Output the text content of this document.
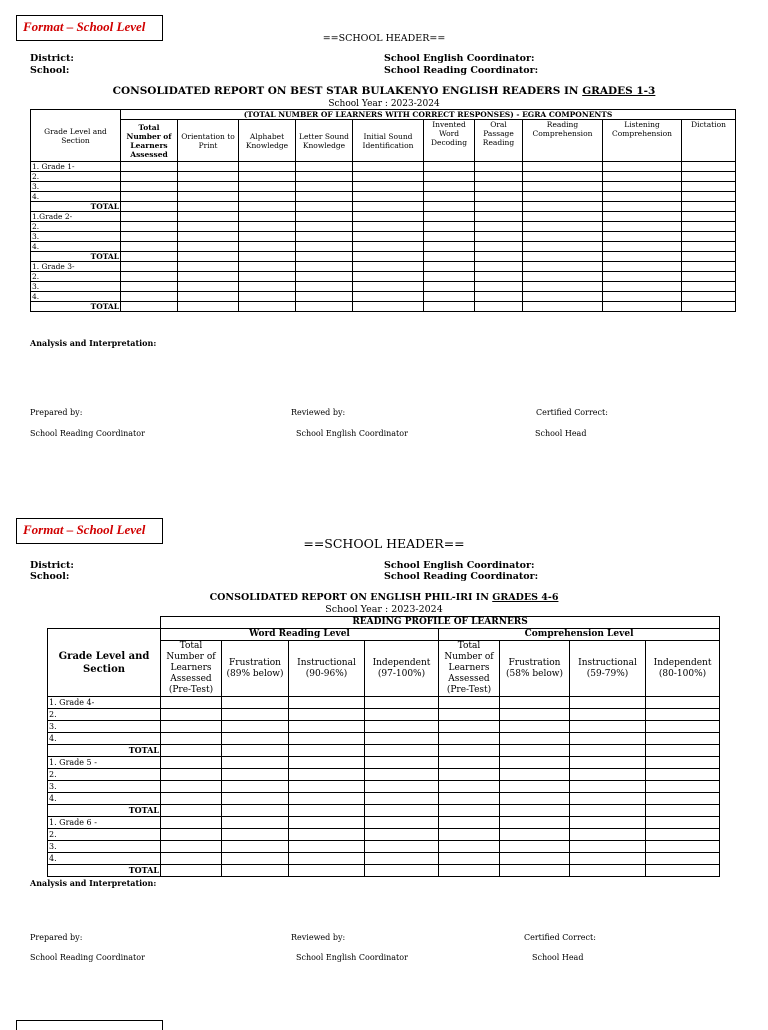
Format – School Level
==SCHOOL HEADER==
District:
School:
School English Coordinator:
School Reading Coordinator:
CONSOLIDATED REPORT ON BEST STAR BULAKENYO ENGLISH READERS IN GRADES 1-3
School Year : 2023-2024
Grade Level and Section	(TOTAL NUMBER OF LEARNERS WITH CORRECT RESPONSES) - EGRA COMPONENTS									
	Total Number of Learners Assessed	Orientation to Print	Alphabet Knowledge	Letter Sound Knowledge	Initial Sound Identification	Invented Word Decoding	Oral Passage Reading	Reading Comprehension	Listening Comprehension	Dictation
1. Grade 1-										
2.										
3.										
4.										
TOTAL										
1.Grade 2-										
2.										
3.										
4.										
TOTAL										
1. Grade 3-										
2.										
3.										
4.										
TOTAL										
Analysis and Interpretation:
Prepared by:	Reviewed by:	Certified Correct:
School Reading Coordinator	School English Coordinator	School Head
Format – School Level
==SCHOOL HEADER==
District:
School:
School English Coordinator:
School Reading Coordinator:
CONSOLIDATED REPORT ON ENGLISH PHIL-IRI IN GRADES 4-6
School Year : 2023-2024
	READING PROFILE OF LEARNERS							
Grade Level and Section	Word Reading Level				Comprehension Level			
	Total Number of Learners Assessed (Pre-Test)	Frustration (89% below)	Instructional (90-96%)	Independent (97-100%)	Total Number of Learners Assessed (Pre-Test)	Frustration (58% below)	Instructional (59-79%)	Independent (80-100%)
1. Grade 4-								
2.								
3.								
4.								
TOTAL								
1. Grade 5 -								
2.								
3.								
4.								
TOTAL								
1. Grade 6 -								
2.								
3.								
4.								
TOTAL								
Analysis and Interpretation:
Prepared by:	Reviewed by:	Certified Correct:
School Reading Coordinator	School English Coordinator	School Head
